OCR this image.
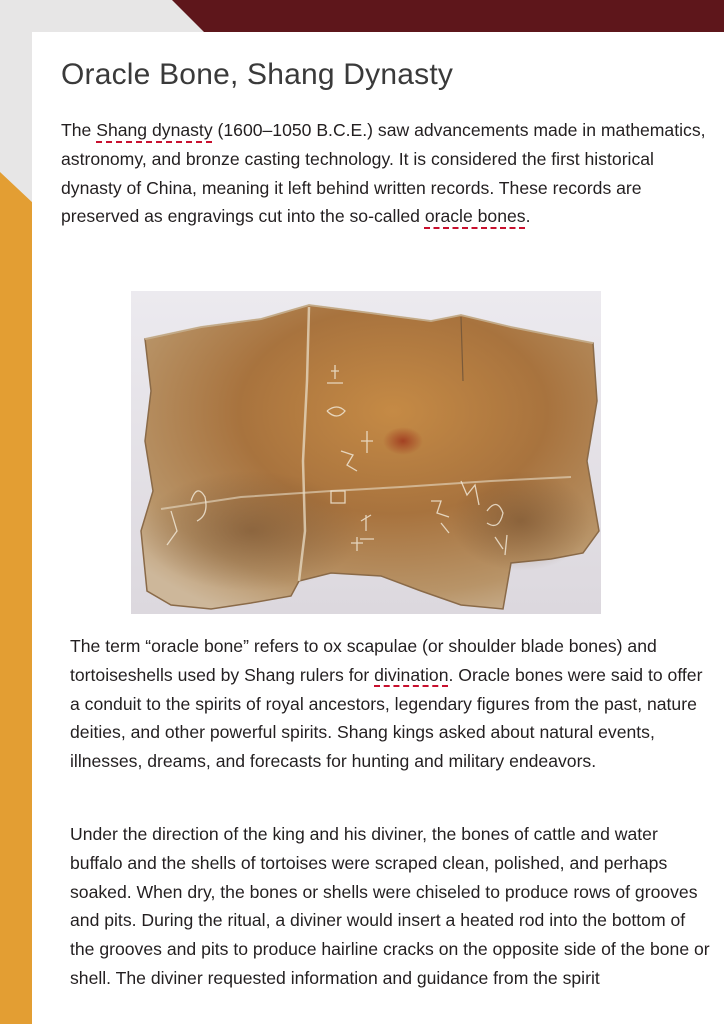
Oracle Bone, Shang Dynasty

The Shang dynasty (1600–1050 B.C.E.) saw advancements made in mathematics, astronomy, and bronze casting technology. It is considered the first historical dynasty of China, meaning it left behind written records. These records are preserved as engravings cut into the so-called oracle bones.

The term “oracle bone” refers to ox scapulae (or shoulder blade bones) and tortoiseshells used by Shang rulers for divination. Oracle bones were said to offer a conduit to the spirits of royal ancestors, legendary figures from the past, nature deities, and other powerful spirits. Shang kings asked about natural events, illnesses, dreams, and forecasts for hunting and military endeavors.

Under the direction of the king and his diviner, the bones of cattle and water buffalo and the shells of tortoises were scraped clean, polished, and perhaps soaked. When dry, the bones or shells were chiseled to produce rows of grooves and pits. During the ritual, a diviner would insert a heated rod into the bottom of the grooves and pits to produce hairline cracks on the opposite side of the bone or shell. The diviner requested information and guidance from the spirit
